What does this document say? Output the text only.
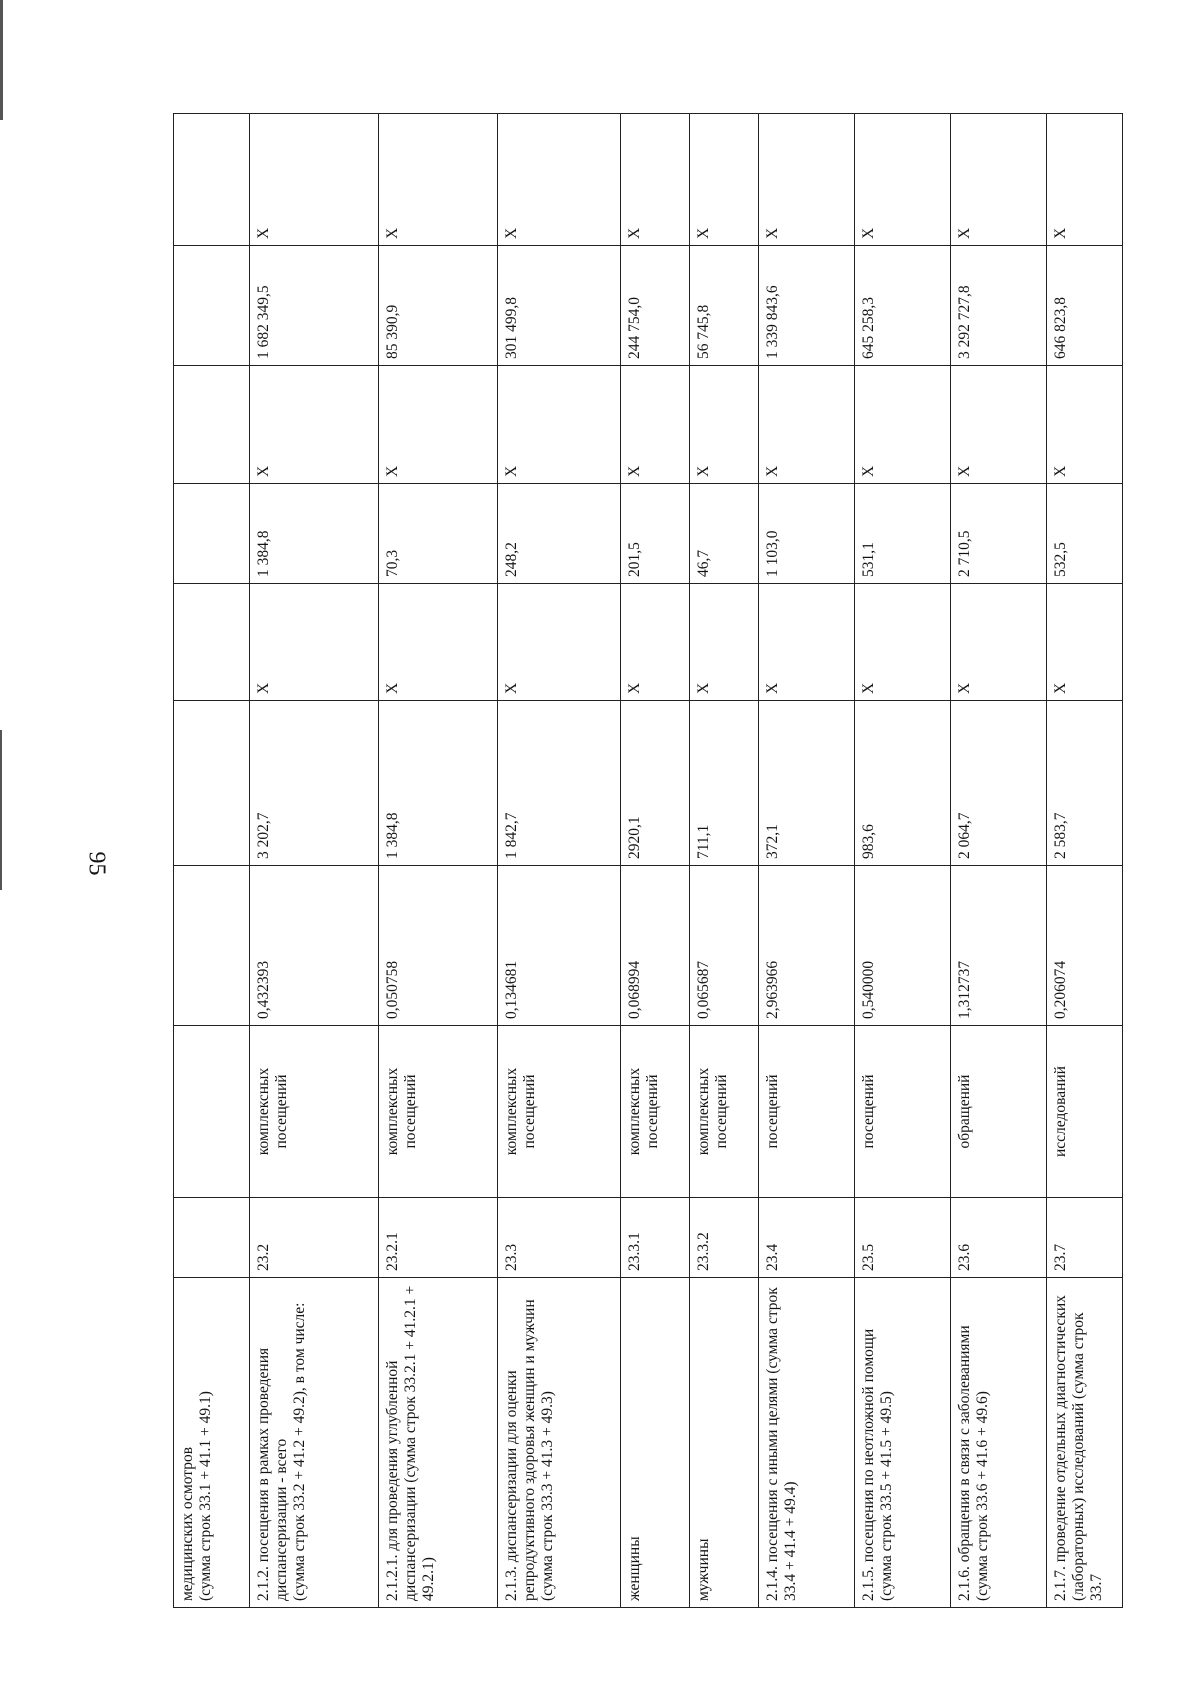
95
медицинских осмотров
(сумма строк 33.1 + 41.1 + 49.1)									
2.1.2. посещения в рамках проведения диспансеризации - всего
(сумма строк 33.2 + 41.2 + 49.2), в том числе:	23.2	комплексных посещений	0,432393	3 202,7	X	1 384,8	X	1 682 349,5	X
2.1.2.1. для проведения углубленной диспансеризации (сумма строк 33.2.1 + 41.2.1 + 49.2.1)	23.2.1	комплексных посещений	0,050758	1 384,8	X	70,3	X	85 390,9	X
2.1.3. диспансеризации для оценки репродуктивного здоровья женщин и мужчин (сумма строк 33.3 + 41.3 + 49.3)	23.3	комплексных посещений	0,134681	1 842,7	X	248,2	X	301 499,8	X
женщины	23.3.1	комплексных посещений	0,068994	2920,1	X	201,5	X	244 754,0	X
мужчины	23.3.2	комплексных посещений	0,065687	711,1	X	46,7	X	56 745,8	X
2.1.4. посещения с иными целями (сумма строк 33.4 + 41.4 + 49.4)	23.4	посещений	2,963966	372,1	X	1 103,0	X	1 339 843,6	X
2.1.5. посещения по неотложной помощи (сумма строк 33.5 + 41.5 + 49.5)	23.5	посещений	0,540000	983,6	X	531,1	X	645 258,3	X
2.1.6. обращения в связи с заболеваниями
(сумма строк 33.6 + 41.6 + 49.6)	23.6	обращений	1,312737	2 064,7	X	2 710,5	X	3 292 727,8	X
2.1.7. проведение отдельных диагностических (лабораторных) исследований (сумма строк 33.7	23.7	исследований	0,206074	2 583,7	X	532,5	X	646 823,8	X
